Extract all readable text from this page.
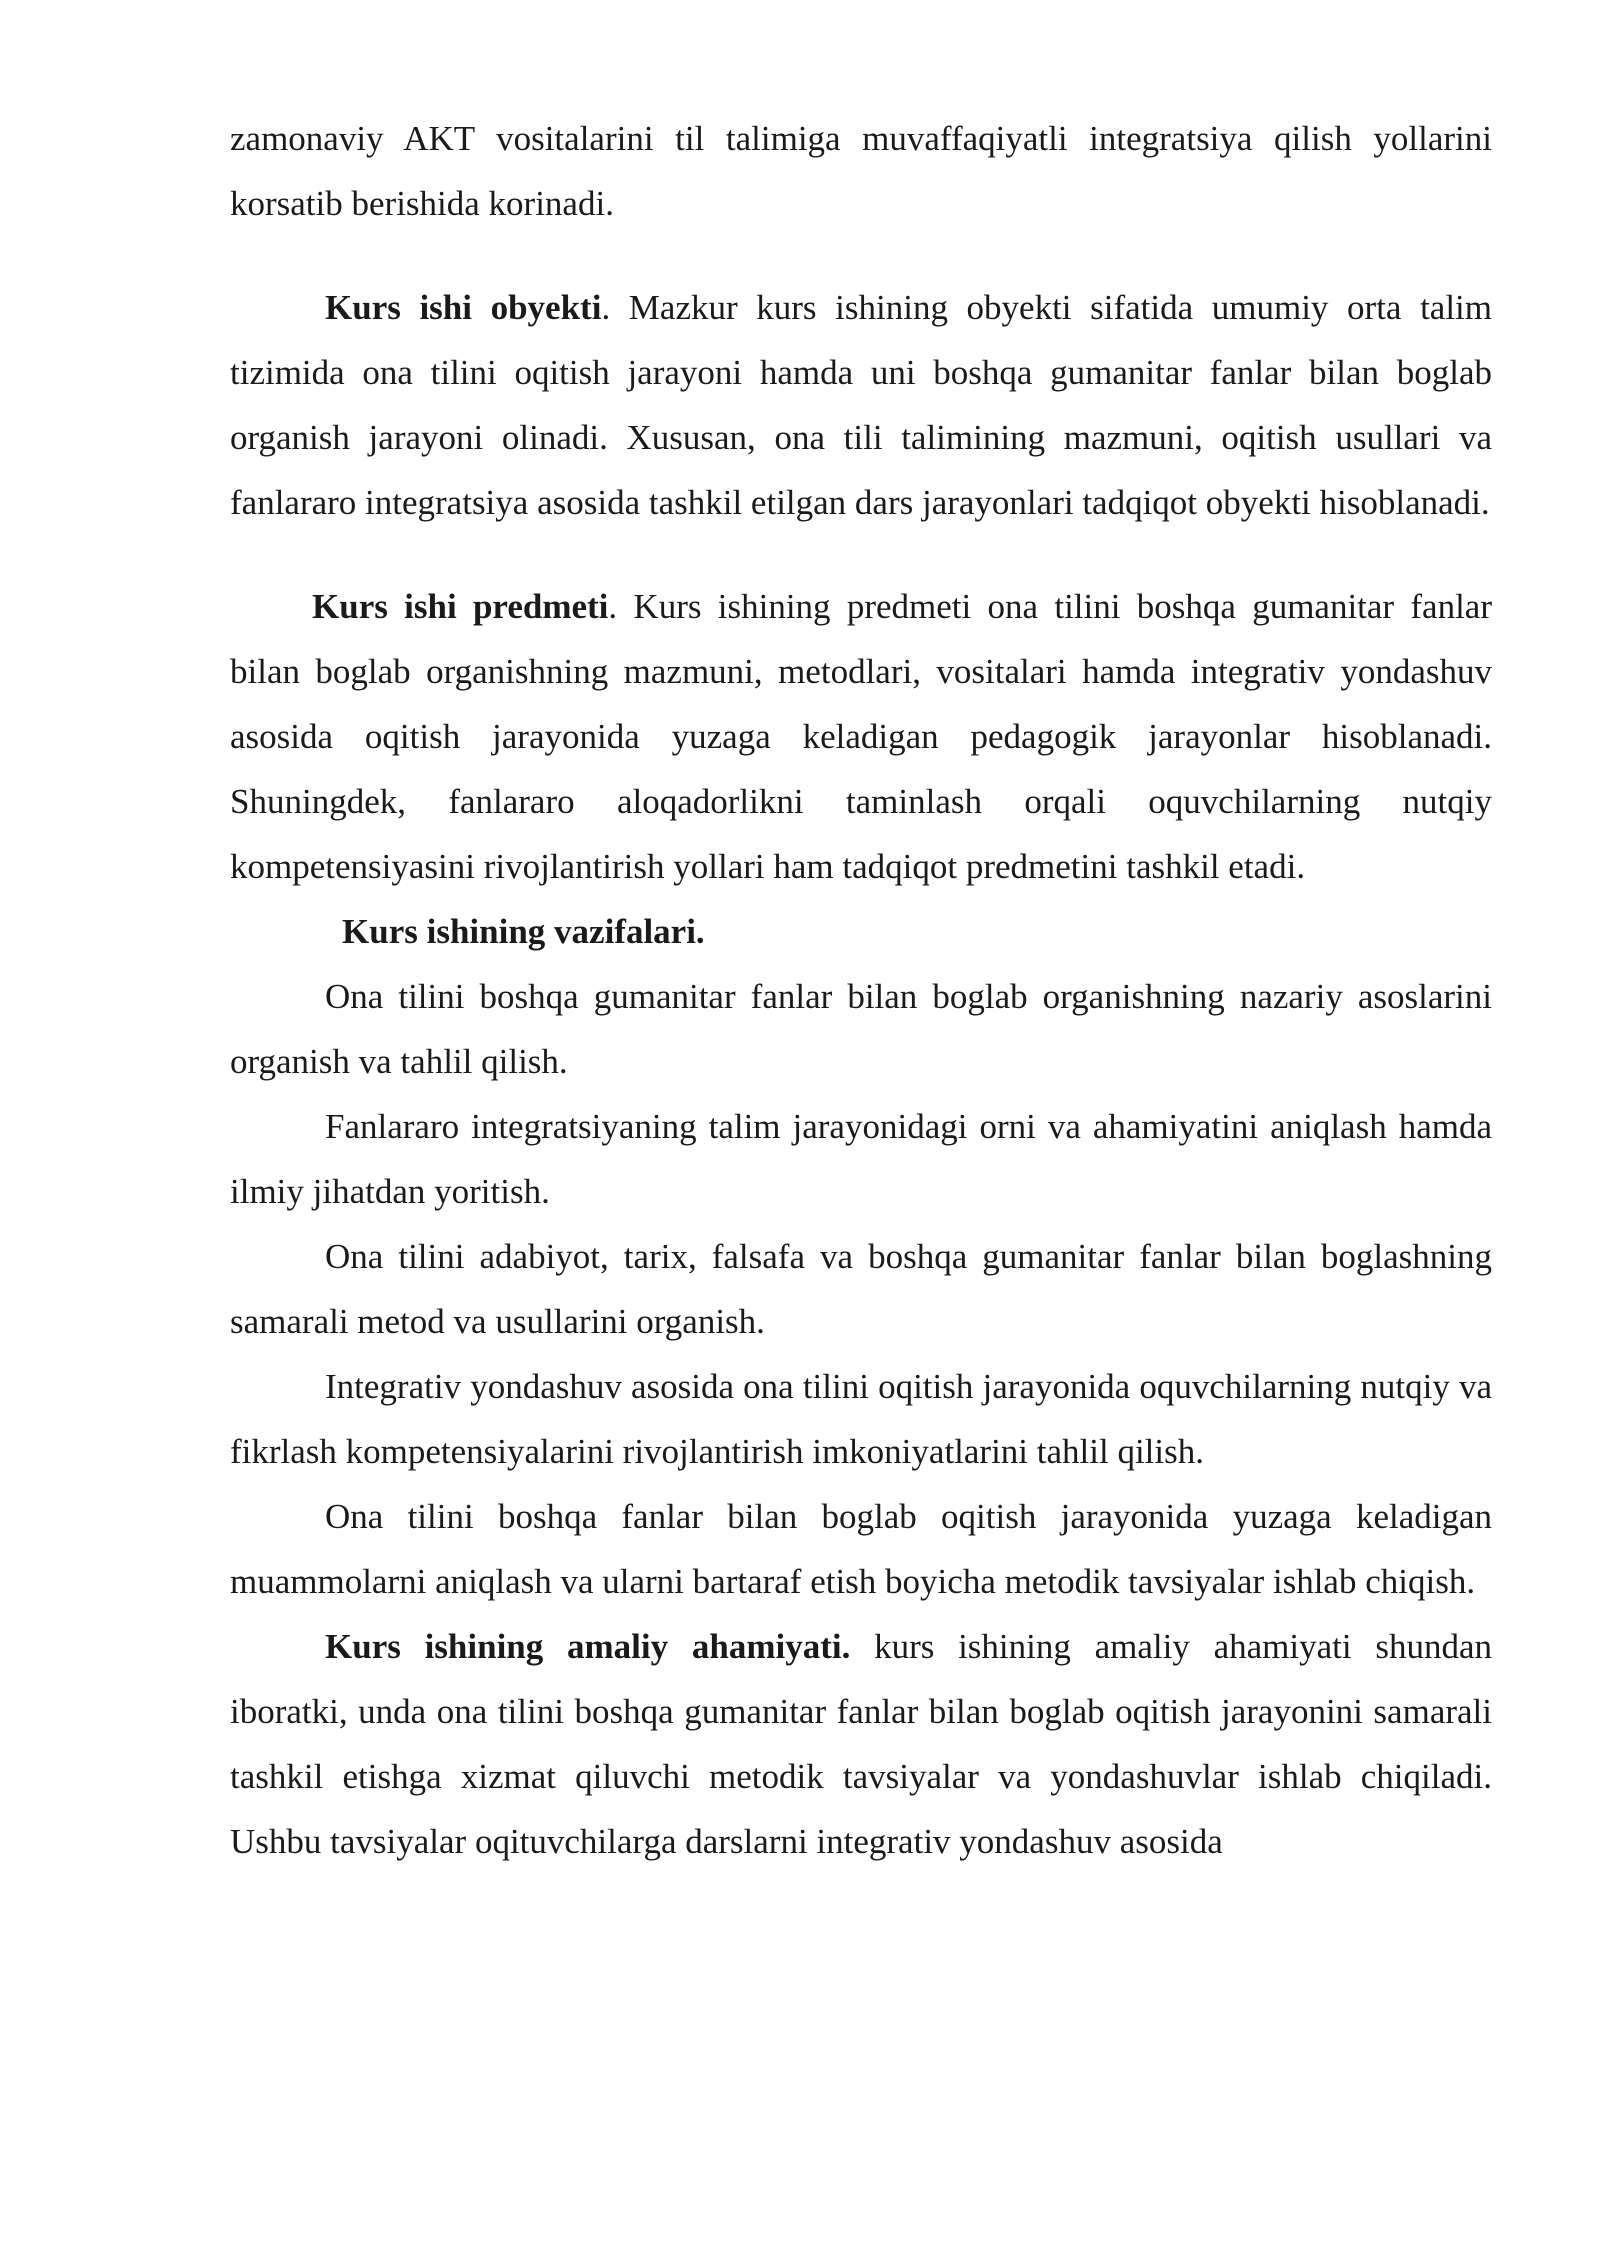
zamonaviy AKT vositalarini til talimiga muvaffaqiyatli integratsiya qilish yollarini korsatib berishida korinadi.

Kurs ishi obyekti. Mazkur kurs ishining obyekti sifatida umumiy orta talim tizimida ona tilini oqitish jarayoni hamda uni boshqa gumanitar fanlar bilan boglab organish jarayoni olinadi. Xususan, ona tili talimining mazmuni, oqitish usullari va fanlararo integratsiya asosida tashkil etilgan dars jarayonlari tadqiqot obyekti hisoblanadi.

Kurs ishi predmeti. Kurs ishining predmeti ona tilini boshqa gumanitar fanlar bilan boglab organishning mazmuni, metodlari, vositalari hamda integrativ yondashuv asosida oqitish jarayonida yuzaga keladigan pedagogik jarayonlar hisoblanadi. Shuningdek, fanlararo aloqadorlikni taminlash orqali oquvchilarning nutqiy kompetensiyasini rivojlantirish yollari ham tadqiqot predmetini tashkil etadi.

Kurs ishining vazifalari.

Ona tilini boshqa gumanitar fanlar bilan boglab organishning nazariy asoslarini organish va tahlil qilish.

Fanlararo integratsiyaning talim jarayonidagi orni va ahamiyatini aniqlash hamda ilmiy jihatdan yoritish.

Ona tilini adabiyot, tarix, falsafa va boshqa gumanitar fanlar bilan boglashning samarali metod va usullarini organish.

Integrativ yondashuv asosida ona tilini oqitish jarayonida oquvchilarning nutqiy va fikrlash kompetensiyalarini rivojlantirish imkoniyatlarini tahlil qilish.

Ona tilini boshqa fanlar bilan boglab oqitish jarayonida yuzaga keladigan muammolarni aniqlash va ularni bartaraf etish boyicha metodik tavsiyalar ishlab chiqish.

Kurs ishining amaliy ahamiyati. kurs ishining amaliy ahamiyati shundan iboratki, unda ona tilini boshqa gumanitar fanlar bilan boglab oqitish jarayonini samarali tashkil etishga xizmat qiluvchi metodik tavsiyalar va yondashuvlar ishlab chiqiladi. Ushbu tavsiyalar oqituvchilarga darslarni integrativ yondashuv asosida
